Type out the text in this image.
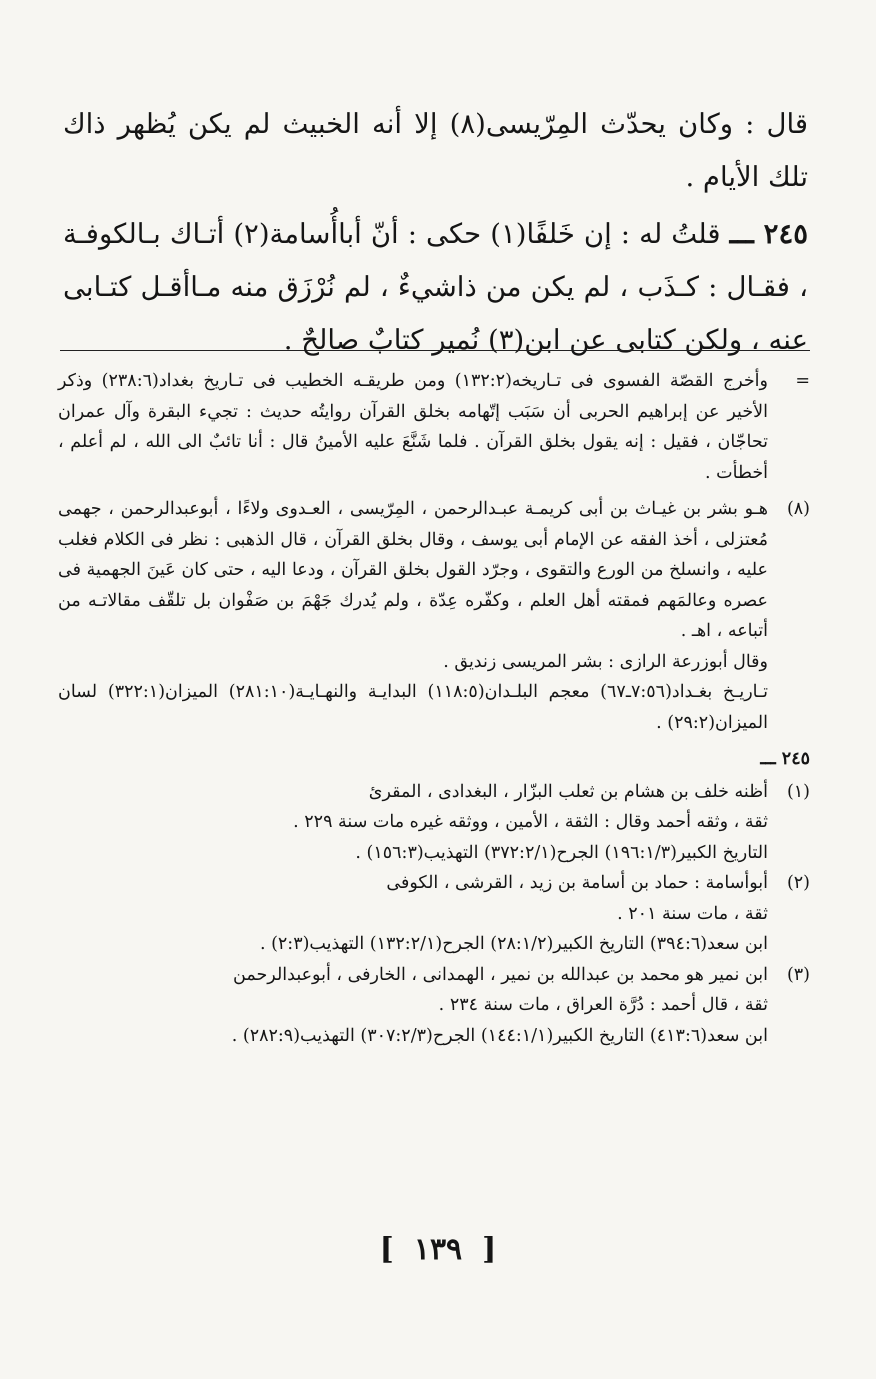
قال : وكان يحدّث المِرّيسى(٨) إلا أنه الخبيث لم يكن يُظهر ذاك تلك الأيام .

٢٤٥ ـــ قلتُ له : إن خَلفًا(١) حكى : أنّ أباأُسامة(٢) أتـاك بـالكوفـة ، فقـال : كـذَب ، لم يكن من ذاشيءٌ ، لم نُرْزَق منه مـاأقـل كتـابى عنه ، ولكن كتابى عن ابن(٣) نُمير كتابٌ صالحٌ .

=

وأخرج القصّة الفسوى فى تـاريخه(١٣٢:٢) ومن طريقـه الخطيب فى تـاريخ بغداد(٢٣٨:٦) وذكر الأخير عن إبراهيم الحربى أن سَبَب إتّهامه بخلق القرآن روايتُه حديث : تجيء البقرة وآل عمران تحاجّان ، فقيل : إنه يقول بخلق القرآن . فلما شَنَّعَ عليه الأمينُ قال : أنا تائبٌ الى الله ، لم أعلم ، أخطأت .

(٨)

هـو بشر بن غيـاث بن أبى كريمـة عبـدالرحمن ، المِرّيسى ، العـدوى ولاءًا ، أبوعبدالرحمن ، جهمى مُعتزلى ، أخذ الفقه عن الإمام أبى يوسف ، وقال بخلق القرآن ، قال الذهبى : نظر فى الكلام فغلب عليه ، وانسلخ من الورع والتقوى ، وجرّد القول بخلق القرآن ، ودعا اليه ، حتى كان عَينَ الجهمية فى عصره وعالمَهم فمقته أهل العلم ، وكفّره عِدّة ، ولم يُدرك جَهْمَ بن صَفْوان بل تلقّف مقالاتـه من أتباعه ، اهـ .

وقال أبوزرعة الرازى : بشر المريسى زنديق .

تـاريـخ بغـداد(٧:٥٦ـ٦٧) معجم البلـدان(١١٨:٥) البدايـة والنهـايـة(٢٨١:١٠) الميزان(٣٢٢:١) لسان الميزان(٢٩:٢) .

٢٤٥ ـــ
(١)

أظنه خلف بن هشام بن ثعلب البزّار ، البغدادى ، المقرئ

ثقة ، وثقه أحمد وقال : الثقة ، الأمين ، ووثقه غيره مات سنة ٢٢٩ .

التاريخ الكبير(١٩٦:١/٣) الجرح(٣٧٢:٢/١) التهذيب(١٥٦:٣) .

(٢)

أبوأسامة : حماد بن أسامة بن زيد ، القرشى ، الكوفى

ثقة ، مات سنة ٢٠١ .

ابن سعد(٣٩٤:٦) التاريخ الكبير(٢٨:١/٢) الجرح(١٣٢:٢/١) التهذيب(٢:٣) .

(٣)

ابن نمير هو محمد بن عبدالله بن نمير ، الهمدانى ، الخارفى ، أبوعبدالرحمن

ثقة ، قال أحمد : دُرَّة العراق ، مات سنة ٢٣٤ .

ابن سعد(٤١٣:٦) التاريخ الكبير(١٤٤:١/١) الجرح(٣٠٧:٢/٣) التهذيب(٢٨٢:٩) .

[ ١٣٩ ]
